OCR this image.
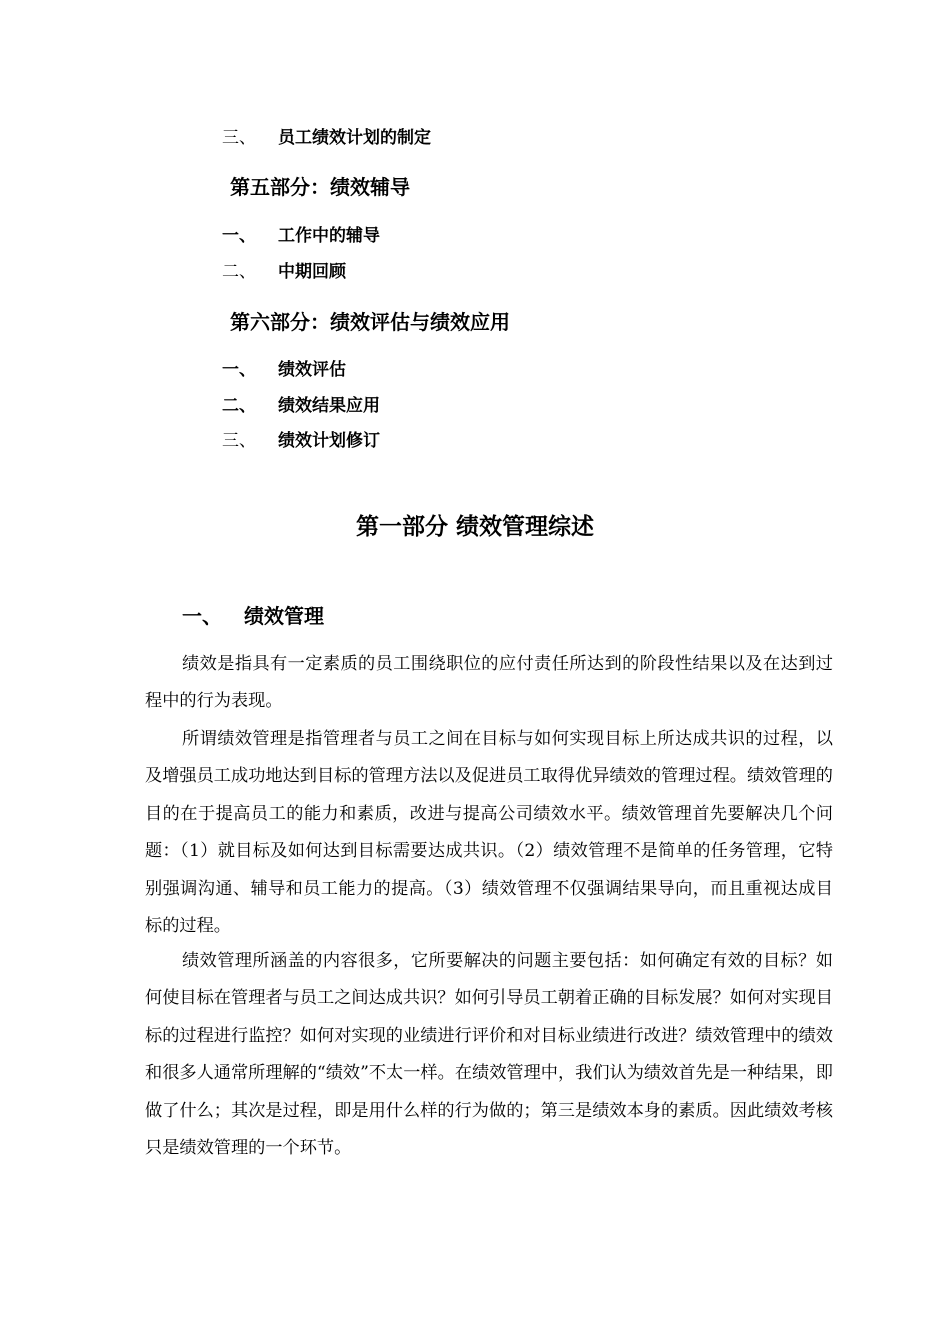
三、 员工绩效计划的制定
第五部分：绩效辅导
一、 工作中的辅导
二、 中期回顾
第六部分：绩效评估与绩效应用
一、 绩效评估
二、 绩效结果应用
三、 绩效计划修订
第一部分 绩效管理综述
一、 绩效管理

绩效是指具有一定素质的员工围绕职位的应付责任所达到的阶段性结果以及在达到过程中的行为表现。

所谓绩效管理是指管理者与员工之间在目标与如何实现目标上所达成共识的过程，以及增强员工成功地达到目标的管理方法以及促进员工取得优异绩效的管理过程。绩效管理的目的在于提高员工的能力和素质，改进与提高公司绩效水平。绩效管理首先要解决几个问题：（1）就目标及如何达到目标需要达成共识。（2）绩效管理不是简单的任务管理，它特别强调沟通、辅导和员工能力的提高。（3）绩效管理不仅强调结果导向，而且重视达成目标的过程。

绩效管理所涵盖的内容很多，它所要解决的问题主要包括：如何确定有效的目标？如何使目标在管理者与员工之间达成共识？如何引导员工朝着正确的目标发展？如何对实现目标的过程进行监控？如何对实现的业绩进行评价和对目标业绩进行改进？绩效管理中的绩效和很多人通常所理解的“绩效”不太一样。在绩效管理中，我们认为绩效首先是一种结果，即做了什么；其次是过程，即是用什么样的行为做的；第三是绩效本身的素质。因此绩效考核只是绩效管理的一个环节。
